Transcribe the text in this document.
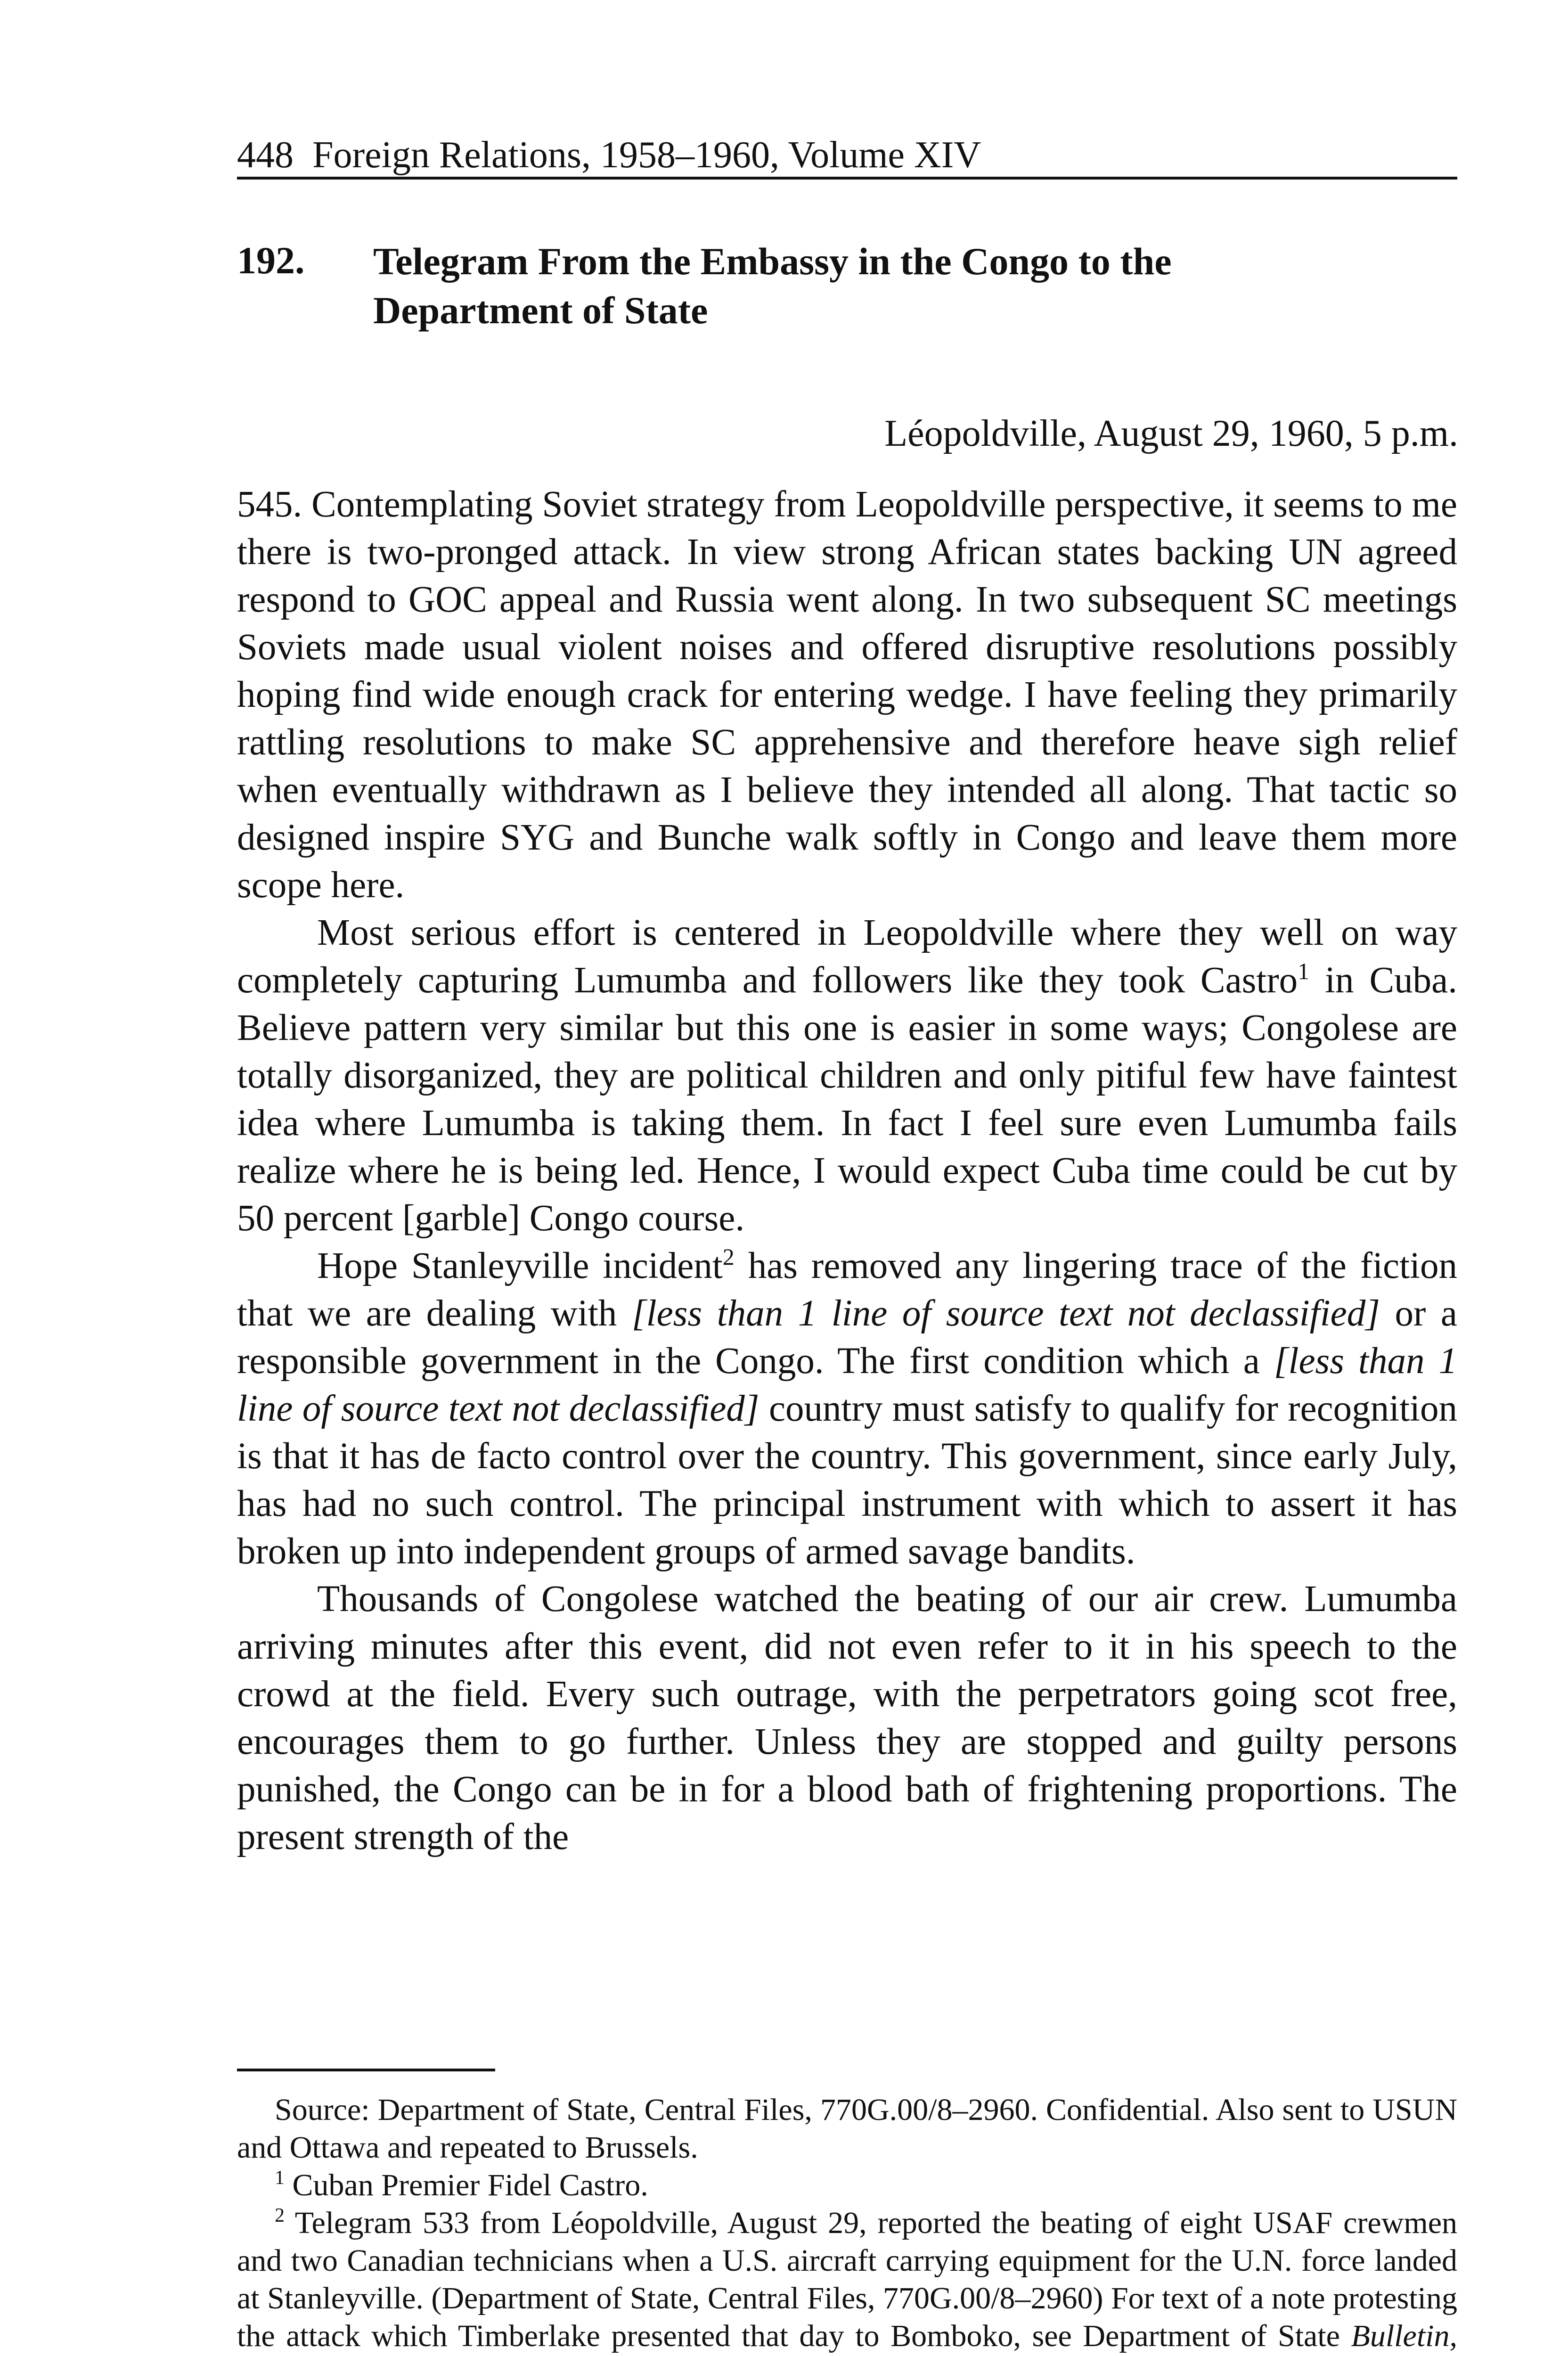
448 Foreign Relations, 1958–1960, Volume XIV
192. Telegram From the Embassy in the Congo to the
Department of State
Léopoldville, August 29, 1960, 5 p.m.

545. Contemplating Soviet strategy from Leopoldville perspective, it seems to me there is two-pronged attack. In view strong African states backing UN agreed respond to GOC appeal and Russia went along. In two subsequent SC meetings Soviets made usual violent noises and offered disruptive resolutions possibly hoping find wide enough crack for entering wedge. I have feeling they primarily rattling resolutions to make SC apprehensive and therefore heave sigh relief when eventually withdrawn as I believe they intended all along. That tactic so designed inspire SYG and Bunche walk softly in Congo and leave them more scope here.

Most serious effort is centered in Leopoldville where they well on way completely capturing Lumumba and followers like they took Castro$^1$ in Cuba. Believe pattern very similar but this one is easier in some ways; Congolese are totally disorganized, they are political children and only pitiful few have faintest idea where Lumumba is taking them. In fact I feel sure even Lumumba fails realize where he is being led. Hence, I would expect Cuba time could be cut by 50 percent [garble] Congo course.

Hope Stanleyville incident$^2$ has removed any lingering trace of the fiction that we are dealing with [less than 1 line of source text not declassified] or a responsible government in the Congo. The first condition which a [less than 1 line of source text not declassified] country must satisfy to qualify for recognition is that it has de facto control over the country. This government, since early July, has had no such control. The principal instrument with which to assert it has broken up into independent groups of armed savage bandits.

Thousands of Congolese watched the beating of our air crew. Lumumba arriving minutes after this event, did not even refer to it in his speech to the crowd at the field. Every such outrage, with the perpetrators going scot free, encourages them to go further. Unless they are stopped and guilty persons punished, the Congo can be in for a blood bath of frightening proportions. The present strength of the

Source: Department of State, Central Files, 770G.00/8–2960. Confidential. Also sent to USUN and Ottawa and repeated to Brussels.

$^1$ Cuban Premier Fidel Castro.

$^2$ Telegram 533 from Léopoldville, August 29, reported the beating of eight USAF crewmen and two Canadian technicians when a U.S. aircraft carrying equipment for the U.N. force landed at Stanleyville. (Department of State, Central Files, 770G.00/8–2960) For text of a note protesting the attack which Timberlake presented that day to Bomboko, see Department of State Bulletin,
